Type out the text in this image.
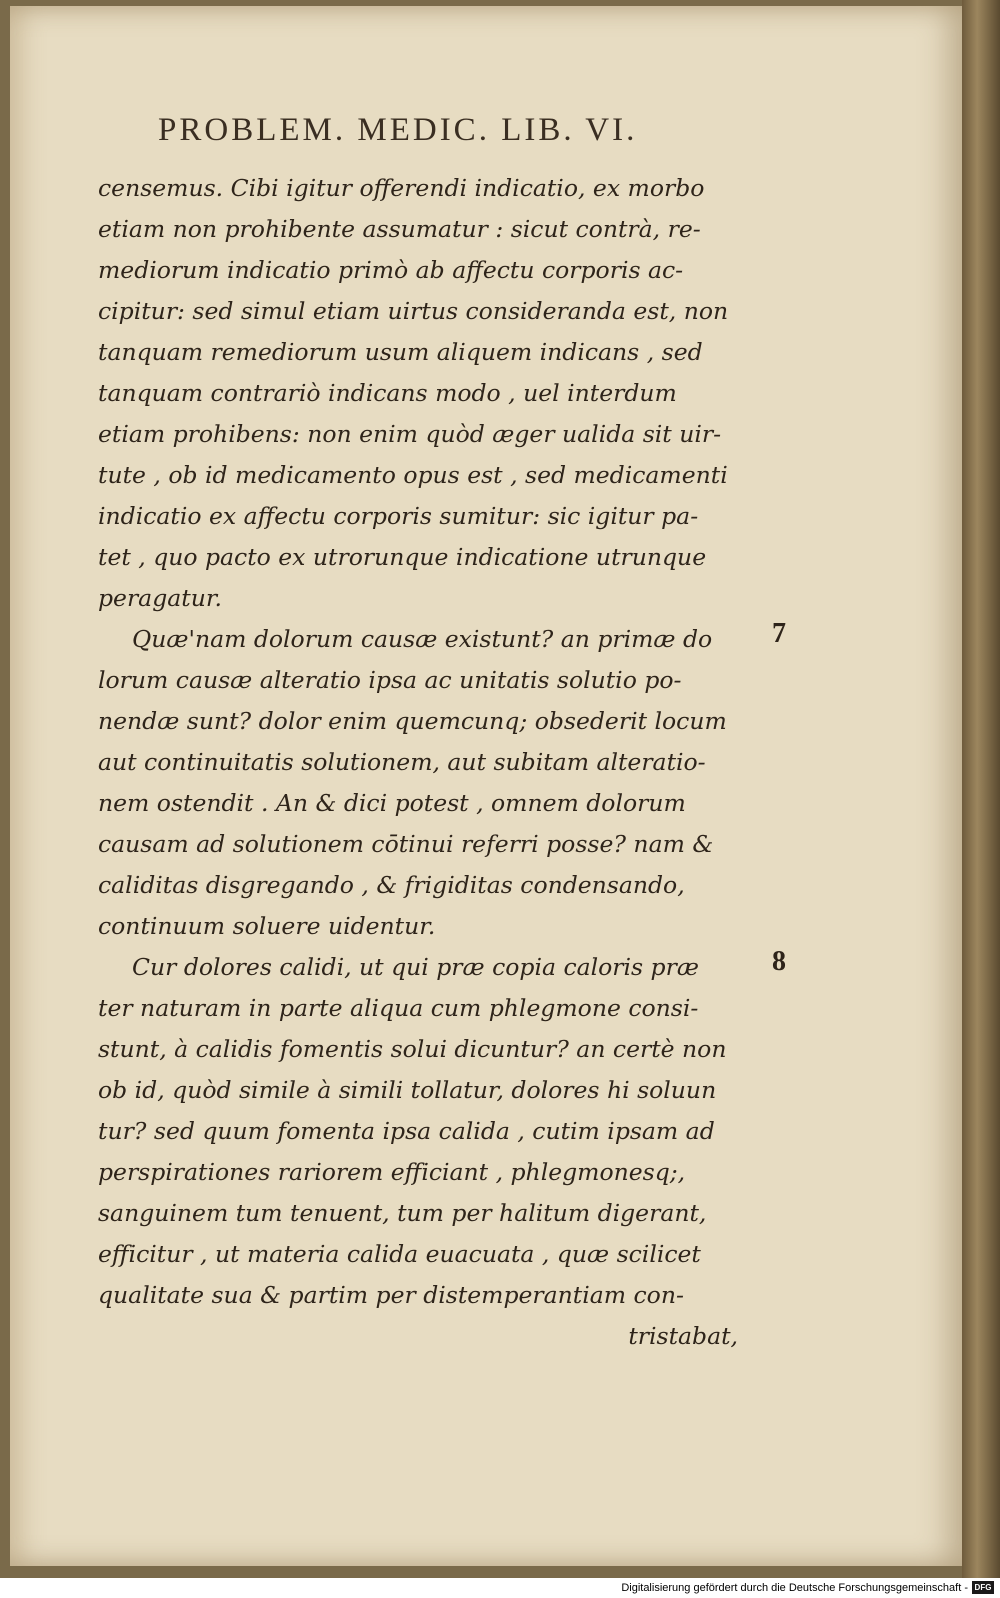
PROBLEM. MEDIC. LIB. VI.
censemus. Cibi igitur offerendi indicatio, ex morbo
etiam non prohibente assumatur : sicut contrà, re-
mediorum indicatio primò ab affectu corporis ac-
cipitur: sed simul etiam uirtus consideranda est, non
tanquam remediorum usum aliquem indicans , sed
tanquam contrariò indicans modo , uel interdum
etiam prohibens: non enim quòd æger ualida sit uir-
tute , ob id medicamento opus est , sed medicamenti
indicatio ex affectu corporis sumitur: sic igitur pa-
tet , quo pacto ex utrorunque indicatione utrunque
peragatur.
Quæ'nam dolorum causæ existunt? an primæ do
lorum causæ alteratio ipsa ac unitatis solutio po-
nendæ sunt? dolor enim quemcunq; obsederit locum
aut continuitatis solutionem, aut subitam alteratio-
nem ostendit . An & dici potest , omnem dolorum
causam ad solutionem cōtinui referri posse? nam &
caliditas disgregando , & frigiditas condensando,
continuum soluere uidentur.
Cur dolores calidi, ut qui præ copia caloris præ
ter naturam in parte aliqua cum phlegmone consi-
stunt, à calidis fomentis solui dicuntur? an certè non
ob id, quòd simile à simili tollatur, dolores hi soluun
tur? sed quum fomenta ipsa calida , cutim ipsam ad
perspirationes rariorem efficiant , phlegmonesq;,
sanguinem tum tenuent, tum per halitum digerant,
efficitur , ut materia calida euacuata , quæ scilicet
qualitate sua & partim per distemperantiam con-
tristabat,
7
8
Digitalisierung gefördert durch die Deutsche Forschungsgemeinschaft - DFG
